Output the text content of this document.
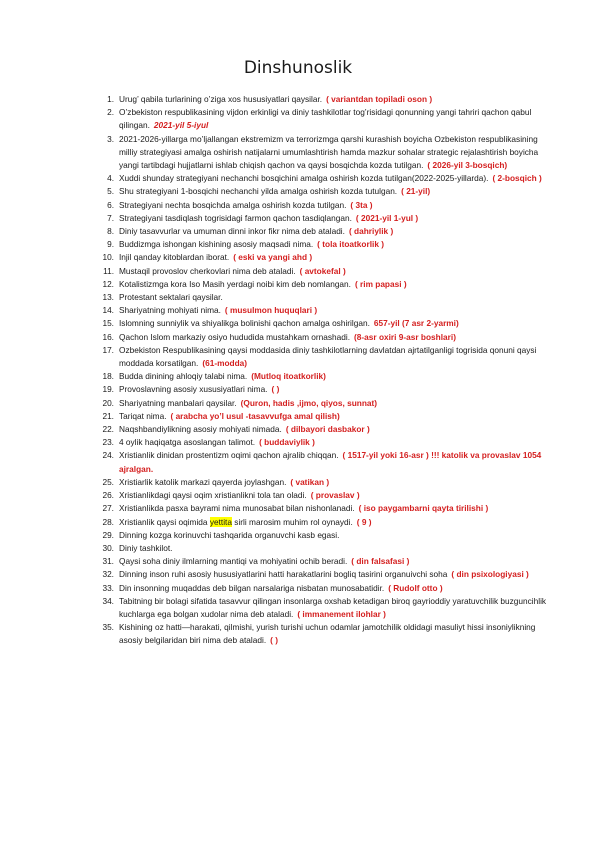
Dinshunoslik
1. Urug’ qabila turlarining o’ziga xos hususiyatlari qaysilar. ( variantdan topiladi oson )
2. O’zbekiston respublikasining vijdon erkinligi va diniy tashkilotlar tog’risidagi qonunning yangi tahriri qachon qabul qilingan. 2021-yil 5-iyul
3. 2021-2026-yillarga mo’ljallangan ekstremizm va terrorizmga qarshi kurashish boyicha Ozbekiston respublikasining milliy strategiyasi amalga oshirish natijalarni umumlashtirish hamda mazkur sohalar strategic rejalashtirish boyicha yangi tartibdagi hujjatlarni ishlab chiqish qachon va qaysi bosqichda kozda tutilgan. ( 2026-yil 3-bosqich)
4. Xuddi shunday strategiyani nechanchi bosqichini amalga oshirish kozda tutilgan(2022-2025-yillarda). ( 2-bosqich )
5. Shu strategiyani 1-bosqichi nechanchi yilda amalga oshirish kozda tutulgan. ( 21-yil)
6. Strategiyani nechta bosqichda amalga oshirish kozda tutilgan. ( 3ta )
7. Strategiyani tasdiqlash togrisidagi farmon qachon tasdiqlangan. ( 2021-yil 1-yul )
8. Diniy tasavvurlar va umuman dinni inkor fikr nima deb ataladi. ( dahriylik )
9. Buddizmga ishongan kishining asosiy maqsadi nima. ( tola itoatkorlik )
10. Injil qanday kitoblardan iborat. ( eski va yangi ahd )
11. Mustaqil provoslov cherkovlari nima deb ataladi. ( avtokefal )
12. Kotalistizmga kora Iso Masih yerdagi noibi kim deb nomlangan. ( rim papasi )
13. Protestant sektalari qaysilar.
14. Shariyatning mohiyati nima. ( musulmon huquqlari )
15. Islomning sunniylik va shiyalikga bolinishi qachon amalga oshirilgan. 657-yil (7 asr 2-yarmi)
16. Qachon Islom markaziy osiyo hududida mustahkam ornashadi. (8-asr oxiri 9-asr boshlari)
17. Ozbekiston Respublikasining qaysi moddasida diniy tashkilotlarning davlatdan ajrtatilganligi togrisida qonuni qaysi moddada korsatilgan. (61-modda)
18. Budda dinining ahloqiy talabi nima. (Mutloq itoatkorlik)
19. Provoslavning asosiy xususiyatlari nima. ( )
20. Shariyatning manbalari qaysilar. (Quron, hadis ,ijmo, qiyos, sunnat)
21. Tariqat nima. ( arabcha yo’l usul -tasavvufga amal qilish)
22. Naqshbandiylikning asosiy mohiyati nimada. ( dilbayori dasbakor )
23. 4 oylik haqiqatga asoslangan talimot. ( buddaviylik )
24. Xristianlik dinidan prostentizm oqimi qachon ajralib chiqqan. ( 1517-yil yoki 16-asr ) !!! katolik va provaslav 1054 ajralgan.
25. Xristiarlik katolik markazi qayerda joylashgan. ( vatikan )
26. Xristianlikdagi qaysi oqim xristianlikni tola tan oladi. ( provaslav )
27. Xristianlikda pasxa bayrami nima munosabat bilan nishonlanadi. ( iso paygambarni qayta tirilishi )
28. Xristianlik qaysi oqimida yettita sirli marosim muhim rol oynaydi. ( 9 )
29. Dinning kozga korinuvchi tashqarida organuvchi kasb egasi.
30. Diniy tashkilot.
31. Qaysi soha diniy ilmlarning mantiqi va mohiyatini ochib beradi. ( din falsafasi )
32. Dinning inson ruhi asosiy hususiyatlarini hatti harakatlarini bogliq tasirini organuivchi soha ( din psixologiyasi )
33. Din insonning muqaddas deb bilgan narsalariga nisbatan munosabatidir. ( Rudolf otto )
34. Tabitning bir bolagi sifatida tasavvur qilingan insonlarga oxshab ketadigan biroq gayrioddiy yaratuvchilik buzguncihlik kuchlarga ega bolgan xudolar nima deb ataladi. ( immanement ilohlar )
35. Kishining oz hatti—harakati, qilmishi, yurish turishi uchun odamlar jamotchilik oldidagi masuliyt hissi insoniylikning asosiy belgilaridan biri nima deb ataladi. ( )
